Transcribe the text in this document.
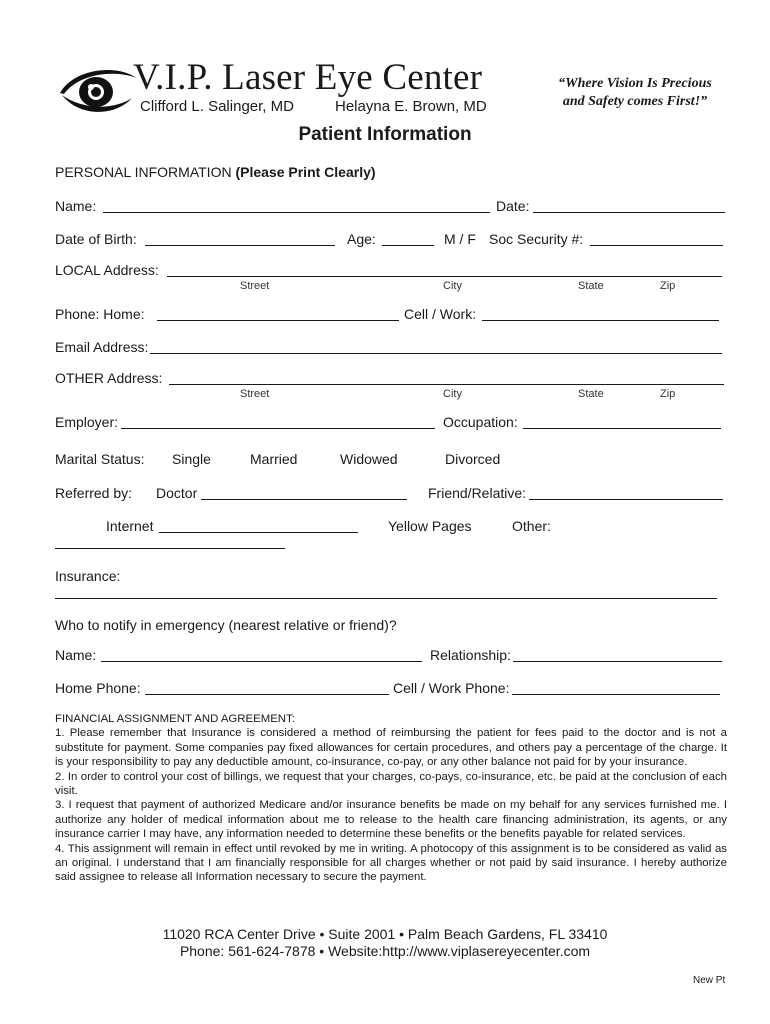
V.I.P. Laser Eye Center
Clifford L. Salinger, MD	Helayna E. Brown, MD
“Where Vision Is Precious
and Safety comes First!”
Patient Information
PERSONAL INFORMATION (Please Print Clearly)
Name:	Date:
Date of Birth:	Age:	M / F Soc Security #:
LOCAL Address:
Street	City	State	Zip
Phone: Home:	Cell / Work:
Email Address:
OTHER Address:
Street	City	State	Zip
Employer:	Occupation:
Marital Status: Single	Married	Widowed	Divorced
Referred by: Doctor	Friend/Relative:
Internet	Yellow Pages	Other:
Insurance:
Who to notify in emergency (nearest relative or friend)?
Name:	Relationship:
Home Phone:	Cell / Work Phone:

FINANCIAL ASSIGNMENT AND AGREEMENT:

1. Please remember that Insurance is considered a method of reimbursing the patient for fees paid to the doctor and is not a substitute for payment. Some companies pay fixed allowances for certain procedures, and others pay a percentage of the charge. It is your responsibility to pay any deductible amount, co-insurance, co-pay, or any other balance not paid for by your insurance.

2. In order to control your cost of billings, we request that your charges, co-pays, co-insurance, etc. be paid at the conclusion of each visit.

3. I request that payment of authorized Medicare and/or insurance benefits be made on my behalf for any services furnished me. I authorize any holder of medical information about me to release to the health care financing administration, its agents, or any insurance carrier I may have, any information needed to determine these benefits or the benefits payable for related services.

4. This assignment will remain in effect until revoked by me in writing. A photocopy of this assignment is to be considered as valid as an original. I understand that I am financially responsible for all charges whether or not paid by said insurance. I hereby authorize said assignee to release all Information necessary to secure the payment.

11020 RCA Center Drive • Suite 2001 • Palm Beach Gardens, FL 33410
Phone: 561-624-7878 • Website:http://www.viplasereyecenter.com
New Pt
